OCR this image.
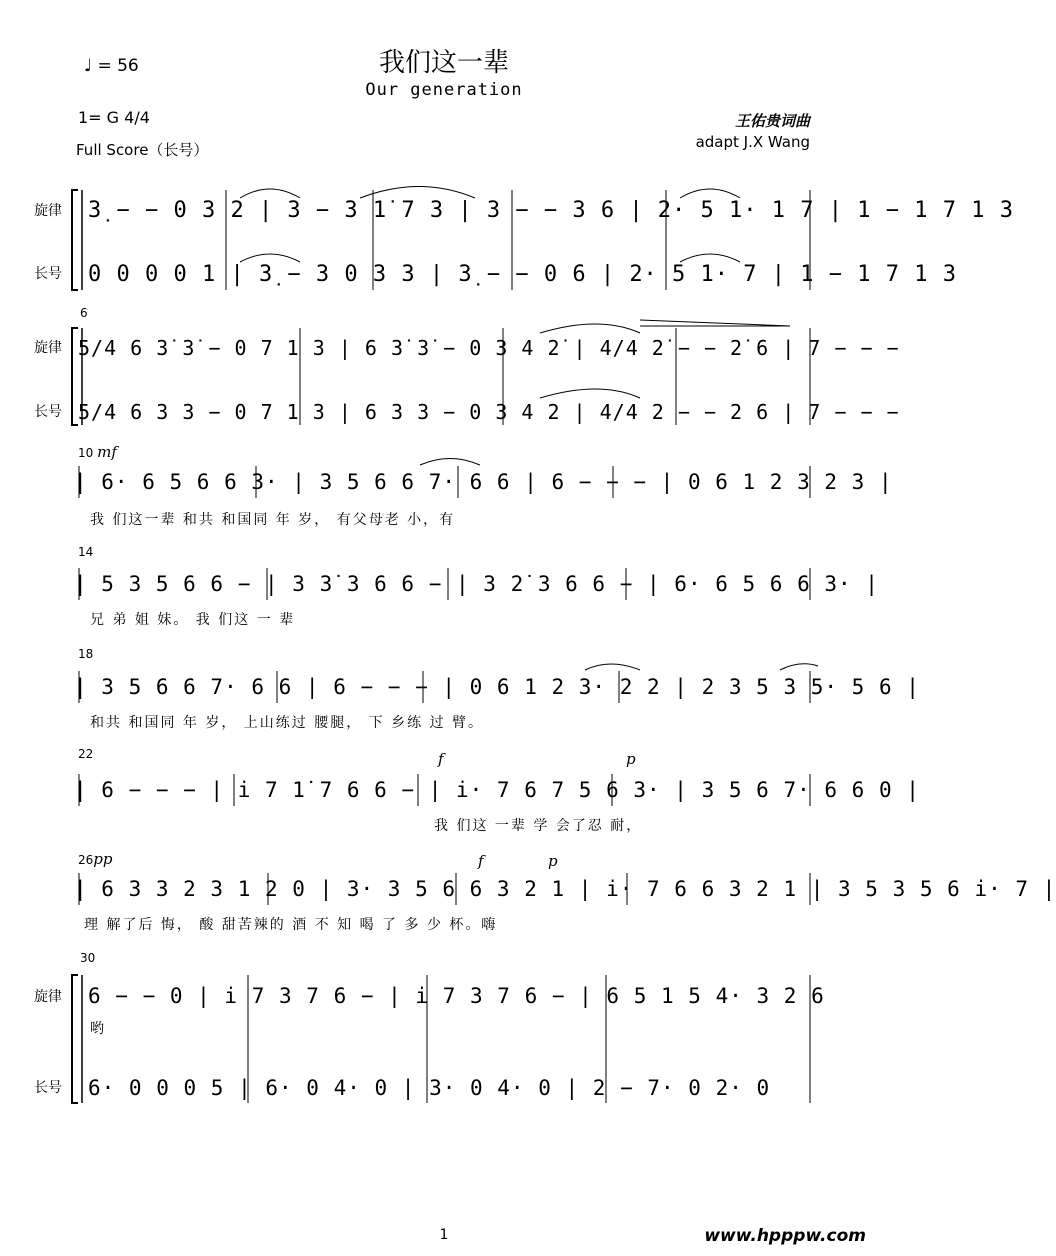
我们这一辈
Our generation
♩ = 56
1= G 4/4
Full Score（长号）
王佑贵词曲
adapt J.X Wang
旋律
长号
3̣ − − 0 3 2 | 3 − 3 1̇ 7 3 | 3 − − 3 6 | 2· 5 1· 1 7 | 1 − 1 7 1 3
0 0 0 0 1 | 3̣ − 3 0 3 3 | 3̣ − − 0 6 | 2· 5 1· 7 | 1 − 1 7 1 3
6
旋律
长号
5/4 6 3̇ 3̇ − 0 7 1 3 | 6 3̇ 3̇ − 0 3 4 2̇ | 4/4 2̇ − − 2̇ 6 | 7 − − −
5/4 6 3 3 − 0 7 1 3 | 6 3 3 − 0 3 4 2 | 4/4 2 − − 2 6 | 7 − − −
10 mf
| 6· 6 5 6 6 3· | 3 5 6 6 7· 6 6 | 6 − − − | 0 6 1 2 3 2 3 |
我 们这一辈 和共 和国同 年 岁， 有父母老 小，有
14
| 5 3 5 6 6 − | 3 3̇ 3 6 6 − | 3 2̇ 3 6 6 − | 6· 6 5 6 6 3· |
兄 弟 姐 妹。 我 们这 一 辈
18
| 3 5 6 6 7· 6 6 | 6 − − − | 0 6 1 2 3· 2 2 | 2 3 5 3 5· 5 6 |
和共 和国同 年 岁， 上山练过 腰腿， 下 乡练 过 臂。
22	f	p
| 6 − − − | i 7 1̇ 7 6 6 − | i· 7 6 7 5 6 3· | 3 5 6 7· 6 6 0 |
我 们这 一辈 学 会了忍 耐，
26pp	f	p
| 6 3 3 2 3 1 2 0 | 3· 3 5 6 6 3 2 1 | i· 7 6 6 3 2 1 | 3 5 3 5 6 i· 7 |
理 解了后 悔， 酸 甜苦辣的 酒 不 知 喝 了 多 少 杯。嗨
30
旋律
长号
6 − − 0 | i 7 3 7 6 − | i 7 3 7 6 − | 6 5 1 5 4· 3 2 6
哟
6· 0 0 0 5 | 6· 0 4· 0 | 3· 0 4· 0 | 2 − 7· 0 2· 0
1	www.hpppw.com
